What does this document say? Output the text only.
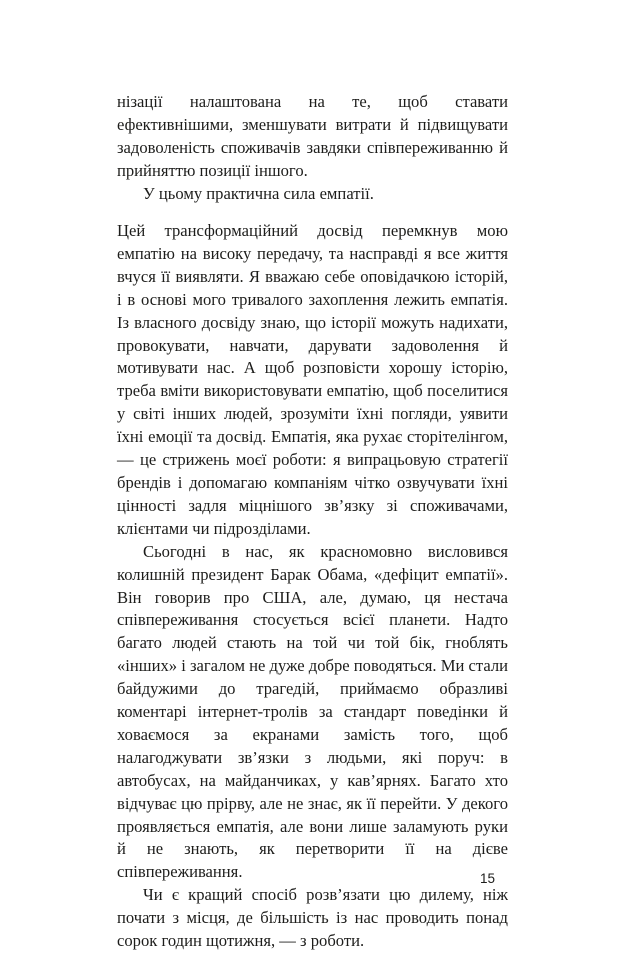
нізації налаштована на те, щоб ставати ефективнішими, зменшувати витрати й підвищувати задоволеність споживачів завдяки співпереживанню й прийняттю позиції іншого.

У цьому практична сила емпатії.

Цей трансформаційний досвід перемкнув мою емпатію на високу передачу, та насправді я все життя вчуся її виявляти. Я вважаю себе оповідачкою історій, і в основі мого тривалого захоплення лежить емпатія. Із власного досвіду знаю, що історії можуть надихати, провокувати, навчати, дарувати задоволення й мотивувати нас. А щоб розповісти хорошу історію, треба вміти використовувати емпатію, щоб поселитися у світі інших людей, зрозуміти їхні погляди, уявити їхні емоції та досвід. Емпатія, яка рухає сторітелінгом, — це стрижень моєї роботи: я випрацьовую стратегії брендів і допомагаю компаніям чітко озвучувати їхні цінності задля міцнішого зв’язку зі споживачами, клієнтами чи підрозділами.

Сьогодні в нас, як красномовно висловився колишній президент Барак Обама, «дефіцит емпатії». Він говорив про США, але, думаю, ця нестача співпереживання стосується всієї планети. Надто багато людей стають на той чи той бік, гноблять «інших» і загалом не дуже добре поводяться. Ми стали байдужими до трагедій, приймаємо образливі коментарі інтернет-тролів за стандарт поведінки й ховаємося за екранами замість того, щоб налагоджувати зв’язки з людьми, які поруч: в автобусах, на майданчиках, у кав’ярнях. Багато хто відчуває цю прірву, але не знає, як її перейти. У декого проявляється емпатія, але вони лише заламують руки й не знають, як перетворити її на дієве співпереживання.

Чи є кращий спосіб розв’язати цю дилему, ніж почати з місця, де більшість із нас проводить понад сорок годин щотижня, — з роботи.

15
